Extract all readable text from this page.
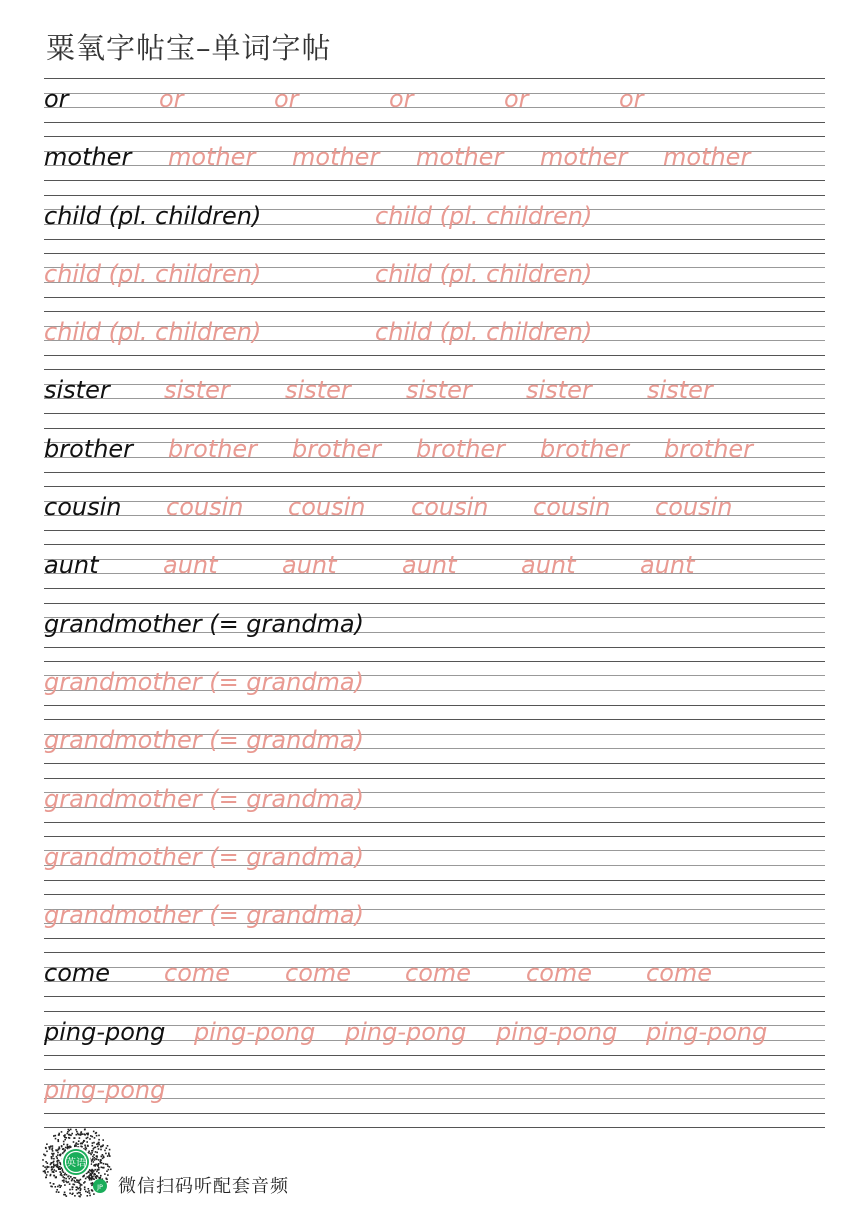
粟氧字帖宝–单词字帖
or	or	or	or	or	or
mother mother mother mother mother mother
child (pl. children)	child (pl. children)
child (pl. children)	child (pl. children)
child (pl. children)	child (pl. children)
sister sister sister sister sister sister
brother brother brother brother brother brother
cousin cousin cousin cousin cousin cousin
aunt	aunt	aunt	aunt	aunt	aunt
grandmother (= grandma)
grandmother (= grandma)
grandmother (= grandma)
grandmother (= grandma)
grandmother (= grandma)
grandmother (= grandma)
come come come come come come
ping-pong ping-pong ping-pong ping-pong ping-pong
ping-pong
英语
JP 微信扫码听配套音频
